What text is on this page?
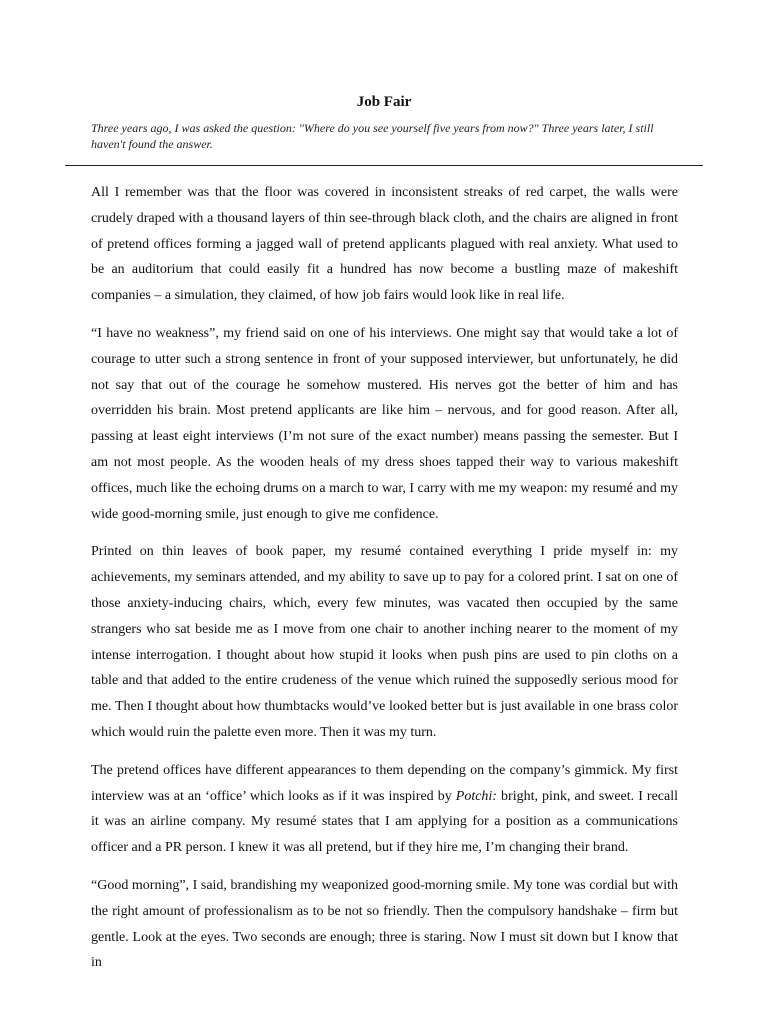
Job Fair
Three years ago, I was asked the question: "Where do you see yourself five years from now?" Three years later, I still haven't found the answer.

All I remember was that the floor was covered in inconsistent streaks of red carpet, the walls were crudely draped with a thousand layers of thin see-through black cloth, and the chairs are aligned in front of pretend offices forming a jagged wall of pretend applicants plagued with real anxiety. What used to be an auditorium that could easily fit a hundred has now become a bustling maze of makeshift companies – a simulation, they claimed, of how job fairs would look like in real life.

“I have no weakness”, my friend said on one of his interviews. One might say that would take a lot of courage to utter such a strong sentence in front of your supposed interviewer, but unfortunately, he did not say that out of the courage he somehow mustered. His nerves got the better of him and has overridden his brain. Most pretend applicants are like him – nervous, and for good reason. After all, passing at least eight interviews (I’m not sure of the exact number) means passing the semester. But I am not most people. As the wooden heals of my dress shoes tapped their way to various makeshift offices, much like the echoing drums on a march to war, I carry with me my weapon: my resumé and my wide good-morning smile, just enough to give me confidence.

Printed on thin leaves of book paper, my resumé contained everything I pride myself in: my achievements, my seminars attended, and my ability to save up to pay for a colored print. I sat on one of those anxiety-inducing chairs, which, every few minutes, was vacated then occupied by the same strangers who sat beside me as I move from one chair to another inching nearer to the moment of my intense interrogation. I thought about how stupid it looks when push pins are used to pin cloths on a table and that added to the entire crudeness of the venue which ruined the supposedly serious mood for me. Then I thought about how thumbtacks would’ve looked better but is just available in one brass color which would ruin the palette even more. Then it was my turn.

The pretend offices have different appearances to them depending on the company’s gimmick. My first interview was at an ‘office’ which looks as if it was inspired by Potchi: bright, pink, and sweet. I recall it was an airline company. My resumé states that I am applying for a position as a communications officer and a PR person. I knew it was all pretend, but if they hire me, I’m changing their brand.

“Good morning”, I said, brandishing my weaponized good-morning smile. My tone was cordial but with the right amount of professionalism as to be not so friendly. Then the compulsory handshake – firm but gentle. Look at the eyes. Two seconds are enough; three is staring. Now I must sit down but I know that in
